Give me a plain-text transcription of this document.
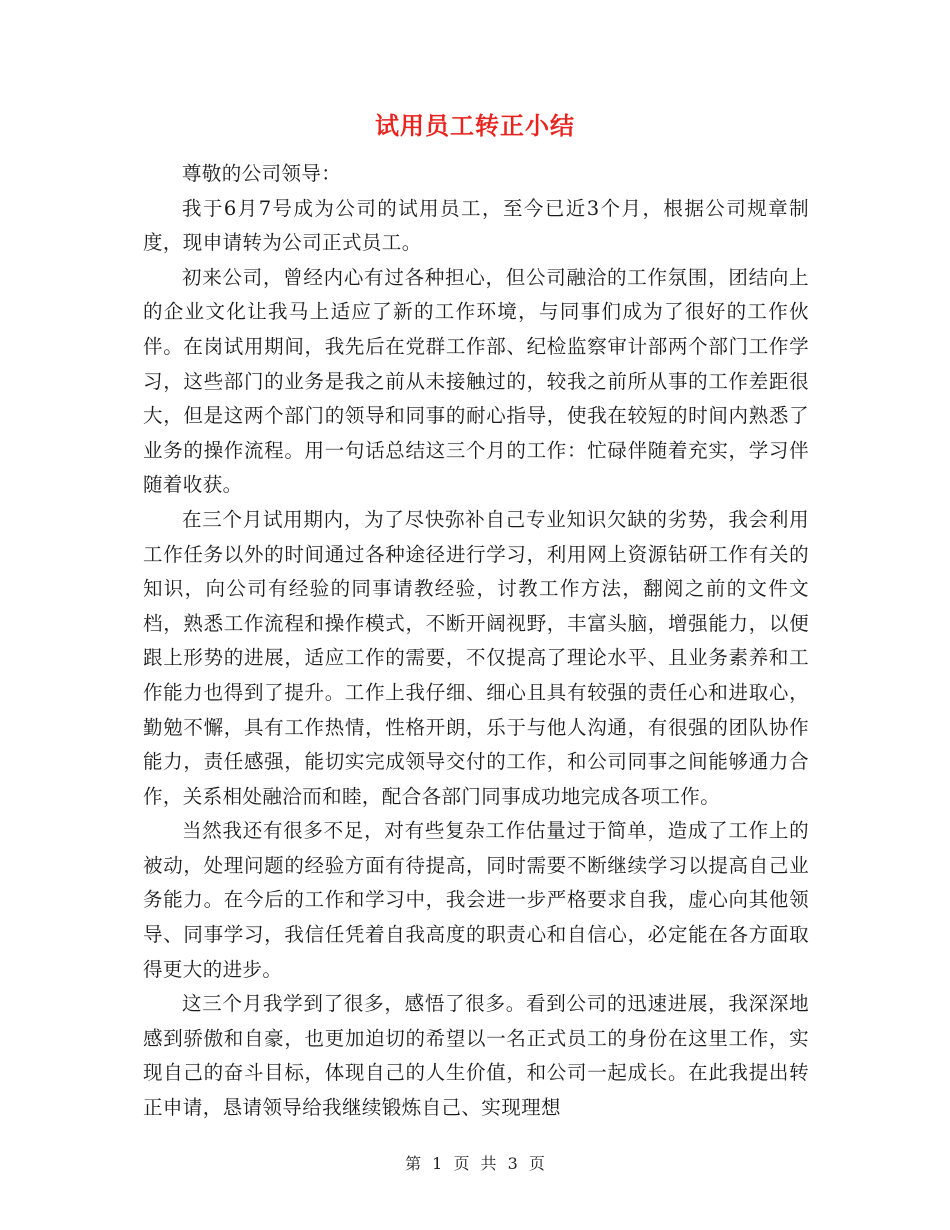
试用员工转正小结

尊敬的公司领导：

我于6月7号成为公司的试用员工，至今已近3个月，根据公司规章制度，现申请转为公司正式员工。

初来公司，曾经内心有过各种担心，但公司融洽的工作氛围，团结向上的企业文化让我马上适应了新的工作环境，与同事们成为了很好的工作伙伴。在岗试用期间，我先后在党群工作部、纪检监察审计部两个部门工作学习，这些部门的业务是我之前从未接触过的，较我之前所从事的工作差距很大，但是这两个部门的领导和同事的耐心指导，使我在较短的时间内熟悉了业务的操作流程。用一句话总结这三个月的工作：忙碌伴随着充实，学习伴随着收获。

在三个月试用期内，为了尽快弥补自己专业知识欠缺的劣势，我会利用工作任务以外的时间通过各种途径进行学习，利用网上资源钻研工作有关的知识，向公司有经验的同事请教经验，讨教工作方法，翻阅之前的文件文档，熟悉工作流程和操作模式，不断开阔视野，丰富头脑，增强能力，以便跟上形势的进展，适应工作的需要，不仅提高了理论水平、且业务素养和工作能力也得到了提升。工作上我仔细、细心且具有较强的责任心和进取心，勤勉不懈，具有工作热情，性格开朗，乐于与他人沟通，有很强的团队协作能力，责任感强，能切实完成领导交付的工作，和公司同事之间能够通力合作，关系相处融洽而和睦，配合各部门同事成功地完成各项工作。

当然我还有很多不足，对有些复杂工作估量过于简单，造成了工作上的被动，处理问题的经验方面有待提高，同时需要不断继续学习以提高自己业务能力。在今后的工作和学习中，我会进一步严格要求自我，虚心向其他领导、同事学习，我信任凭着自我高度的职责心和自信心，必定能在各方面取得更大的进步。

这三个月我学到了很多，感悟了很多。看到公司的迅速进展，我深深地感到骄傲和自豪，也更加迫切的希望以一名正式员工的身份在这里工作，实现自己的奋斗目标，体现自己的人生价值，和公司一起成长。在此我提出转正申请，恳请领导给我继续锻炼自己、实现理想

第 1 页 共 3 页
